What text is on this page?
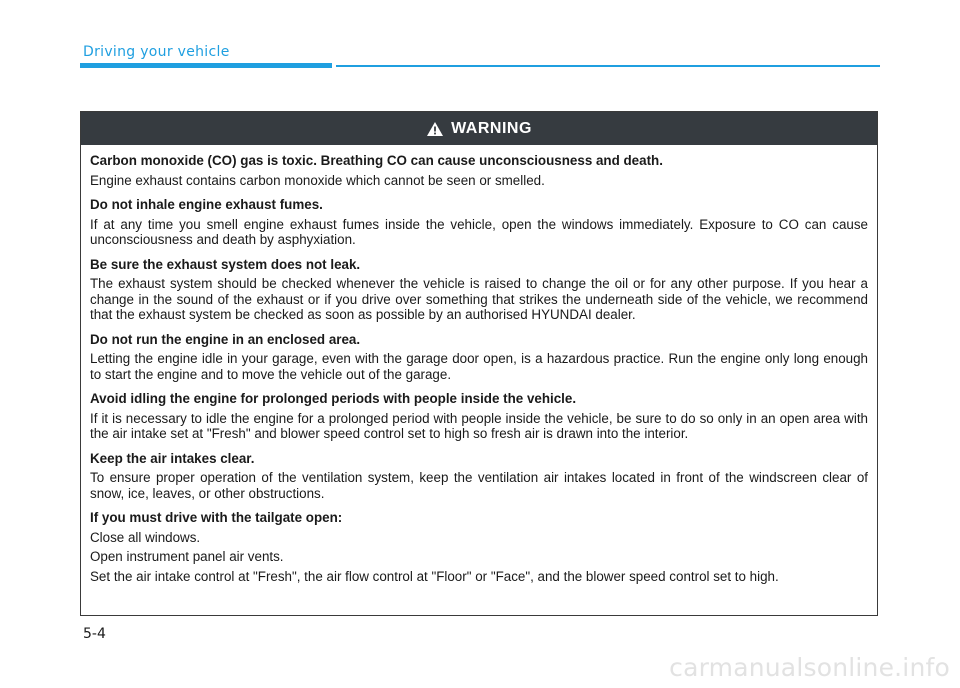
Driving your vehicle
WARNING
Carbon monoxide (CO) gas is toxic. Breathing CO can cause unconsciousness and death.

Engine exhaust contains carbon monoxide which cannot be seen or smelled.

Do not inhale engine exhaust fumes.

If at any time you smell engine exhaust fumes inside the vehicle, open the windows immediately. Exposure to CO can cause unconsciousness and death by asphyxiation.

Be sure the exhaust system does not leak.

The exhaust system should be checked whenever the vehicle is raised to change the oil or for any other purpose. If you hear a change in the sound of the exhaust or if you drive over something that strikes the underneath side of the vehicle, we recommend that the exhaust system be checked as soon as possible by an authorised HYUNDAI dealer.

Do not run the engine in an enclosed area.

Letting the engine idle in your garage, even with the garage door open, is a hazardous practice. Run the engine only long enough to start the engine and to move the vehicle out of the garage.

Avoid idling the engine for prolonged periods with people inside the vehicle.

If it is necessary to idle the engine for a prolonged period with people inside the vehicle, be sure to do so only in an open area with the air intake set at "Fresh" and blower speed control set to high so fresh air is drawn into the interior.

Keep the air intakes clear.

To ensure proper operation of the ventilation system, keep the ventilation air intakes located in front of the windscreen clear of snow, ice, leaves, or other obstructions.

If you must drive with the tailgate open:

Close all windows.

Open instrument panel air vents.

Set the air intake control at "Fresh", the air flow control at "Floor" or "Face", and the blower speed control set to high.

5-4
carmanualsonline.info
